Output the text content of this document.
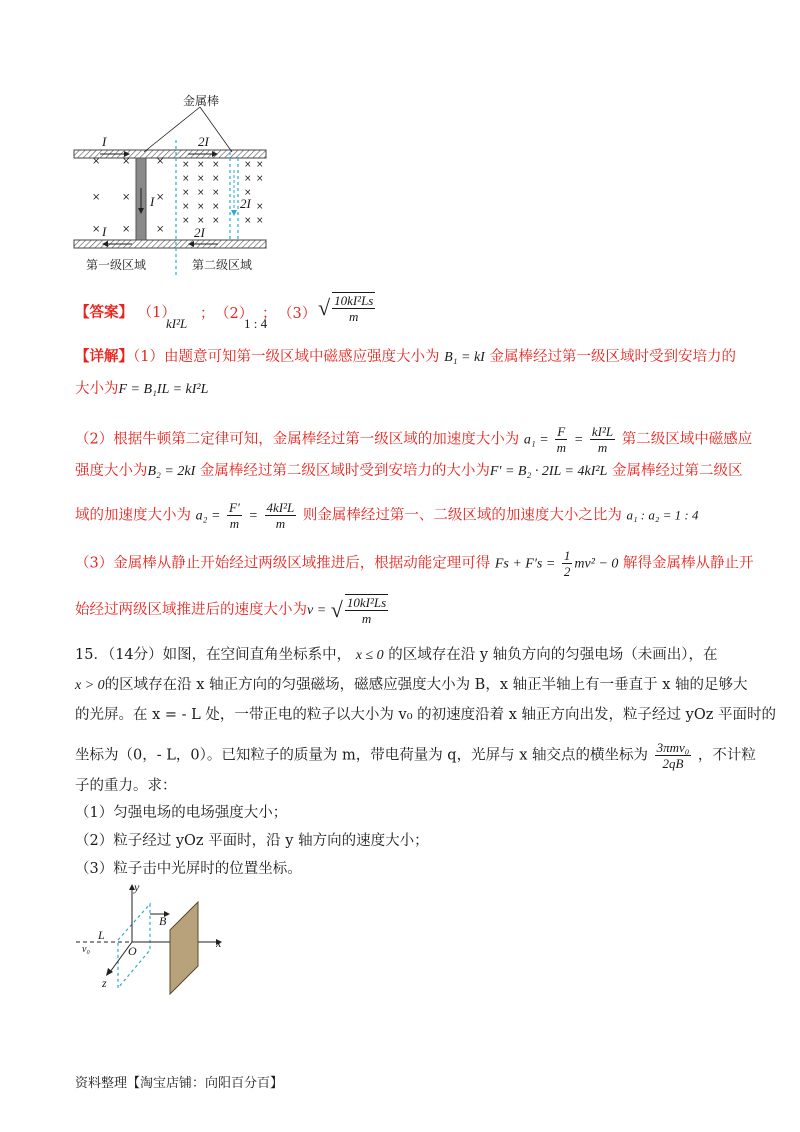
金属棒
I	2I
I	2I
I	2I
第一级区域	第二级区域
× ×
× ×
× ×
×
×
×
× × ×	×
× × ×	×
× × ×	×
× × ×	×
× × ×	×
×
×
×
【答案】 （1）
kI²L
； （2）
1 : 4
； （3） √ $\frac{\text{10kI²Ls}}{m}$
【详解】（1）由题意可知第一级区域中磁感应强度大小为 B₁ = kI 金属棒经过第一级区域时受到安培力的
大小为F = B₁IL = kI²L
（2）根据牛顿第二定律可知，金属棒经过第一级区域的加速度大小为 $a_1 = \frac{F}{m} = \frac{\text{kI²L}}{m}$ 第二级区域中磁感应
强度大小为B₂ = 2kI 金属棒经过第二级区域时受到安培力的大小为F′ = B₂ · 2IL = 4kI²L 金属棒经过第二级区
域的加速度大小为 $a_2 = \frac{F'}{m} = \frac{\text{4kI²L}}{m}$ 则金属棒经过第一、二级区域的加速度大小之比为 a₁ : a₂ = 1 : 4
（3）金属棒从静止开始经过两级区域推进后，根据动能定理可得 $Fs + F's = \frac{1}{2} mv^2 - 0$ 解得金属棒从静止开
始经过两级区域推进后的速度大小为v = √ $\frac{\text{10kI²Ls}}{m}$
15．（14分）如图，在空间直角坐标系中， x ≤ 0 的区域存在沿 y 轴负方向的匀强电场（未画出），在
x > 0的区域存在沿 x 轴正方向的匀强磁场，磁感应强度大小为 B，x 轴正半轴上有一垂直于 x 轴的足够大
的光屏。在 x = - L 处，一带正电的粒子以大小为 v₀ 的初速度沿着 x 轴正方向出发，粒子经过 yOz 平面时的
坐标为（0，- L，0）。已知粒子的质量为 m，带电荷量为 q，光屏与 x 轴交点的横坐标为 $\frac{\text{3πmv₀}}{2qB}$ ，不计粒
子的重力。求：
（1）匀强电场的电场强度大小；
（2）粒子经过 yOz 平面时，沿 y 轴方向的速度大小；
（3）粒子击中光屏时的位置坐标。
y
x
z
O
L
B
v₀
资料整理【淘宝店铺：向阳百分百】
